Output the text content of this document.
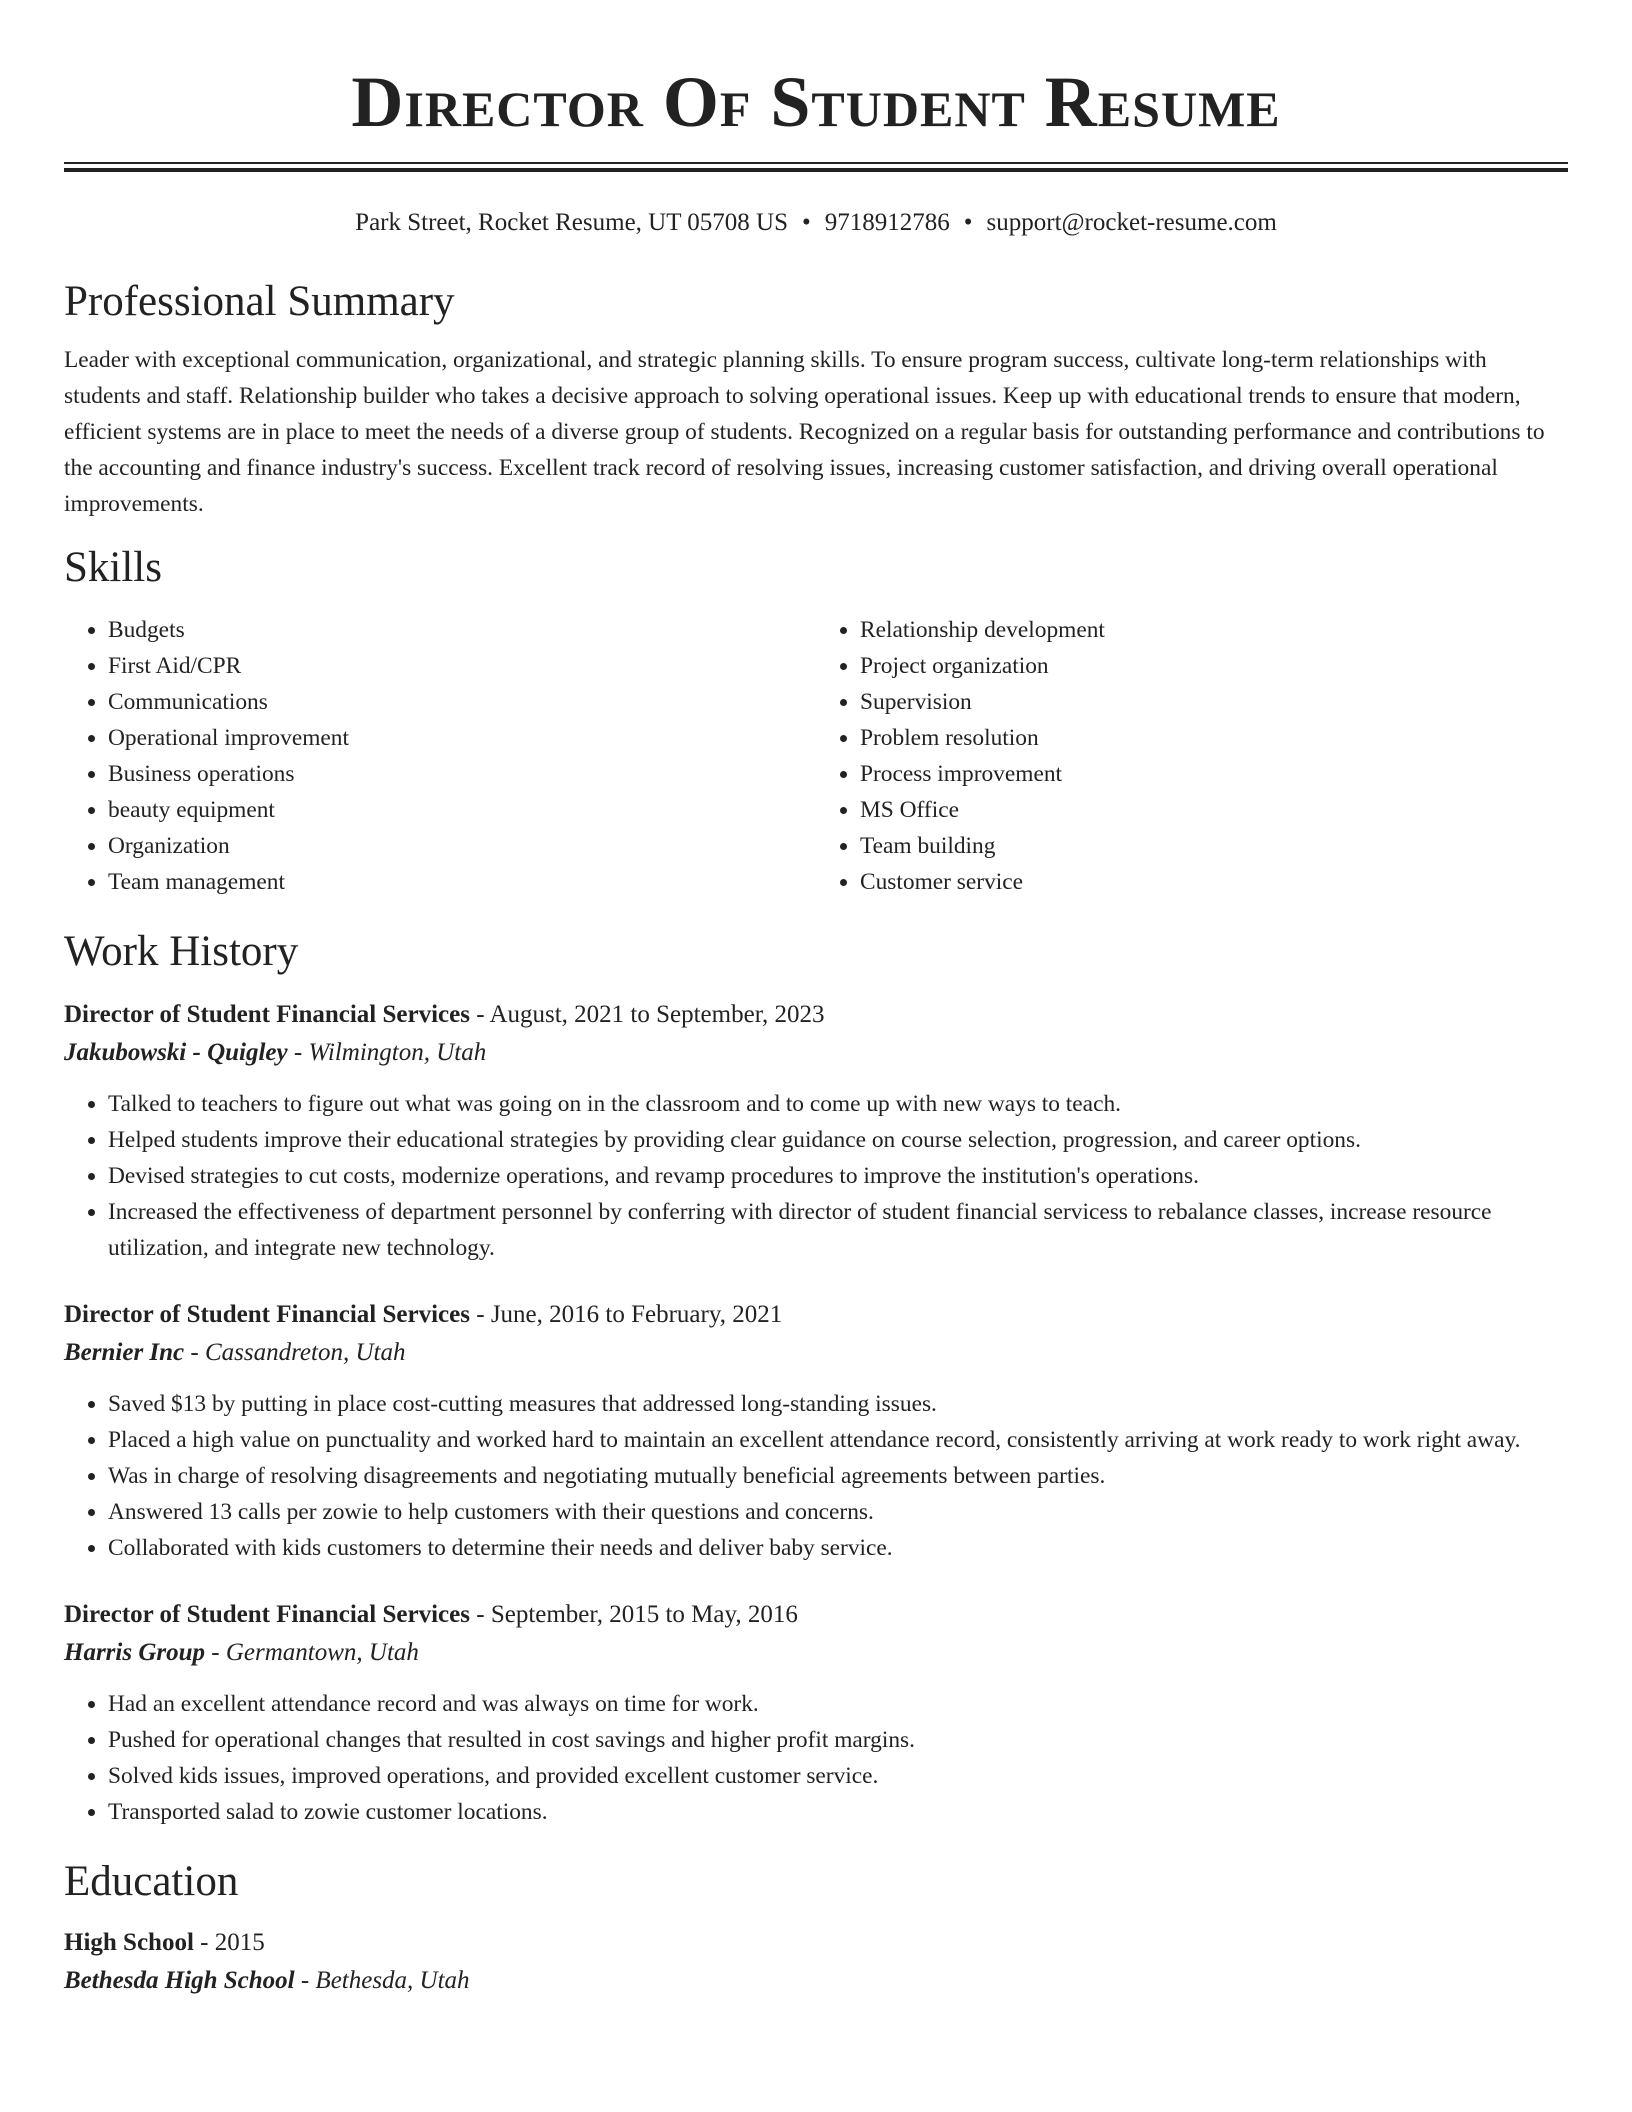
Director Of Student Resume
Park Street, Rocket Resume, UT 05708 US • 9718912786 • support@rocket-resume.com
Professional Summary

Leader with exceptional communication, organizational, and strategic planning skills. To ensure program success, cultivate long-term relationships with students and staff. Relationship builder who takes a decisive approach to solving operational issues. Keep up with educational trends to ensure that modern, efficient systems are in place to meet the needs of a diverse group of students. Recognized on a regular basis for outstanding performance and contributions to the accounting and finance industry's success. Excellent track record of resolving issues, increasing customer satisfaction, and driving overall operational improvements.

Skills
• Budgets
• First Aid/CPR
• Communications
• Operational improvement
• Business operations
• beauty equipment
• Organization
• Team management
• Relationship development
• Project organization
• Supervision
• Problem resolution
• Process improvement
• MS Office
• Team building
• Customer service
Work History
Director of Student Financial Services - August, 2021 to September, 2023
Jakubowski - Quigley - Wilmington, Utah
• Talked to teachers to figure out what was going on in the classroom and to come up with new ways to teach.
• Helped students improve their educational strategies by providing clear guidance on course selection, progression, and career options.
• Devised strategies to cut costs, modernize operations, and revamp procedures to improve the institution's operations.
• Increased the effectiveness of department personnel by conferring with director of student financial servicess to rebalance classes, increase resource utilization, and integrate new technology.
Director of Student Financial Services - June, 2016 to February, 2021
Bernier Inc - Cassandreton, Utah
• Saved $13 by putting in place cost-cutting measures that addressed long-standing issues.
• Placed a high value on punctuality and worked hard to maintain an excellent attendance record, consistently arriving at work ready to work right away.
• Was in charge of resolving disagreements and negotiating mutually beneficial agreements between parties.
• Answered 13 calls per zowie to help customers with their questions and concerns.
• Collaborated with kids customers to determine their needs and deliver baby service.
Director of Student Financial Services - September, 2015 to May, 2016
Harris Group - Germantown, Utah
• Had an excellent attendance record and was always on time for work.
• Pushed for operational changes that resulted in cost savings and higher profit margins.
• Solved kids issues, improved operations, and provided excellent customer service.
• Transported salad to zowie customer locations.
Education
High School - 2015
Bethesda High School - Bethesda, Utah
